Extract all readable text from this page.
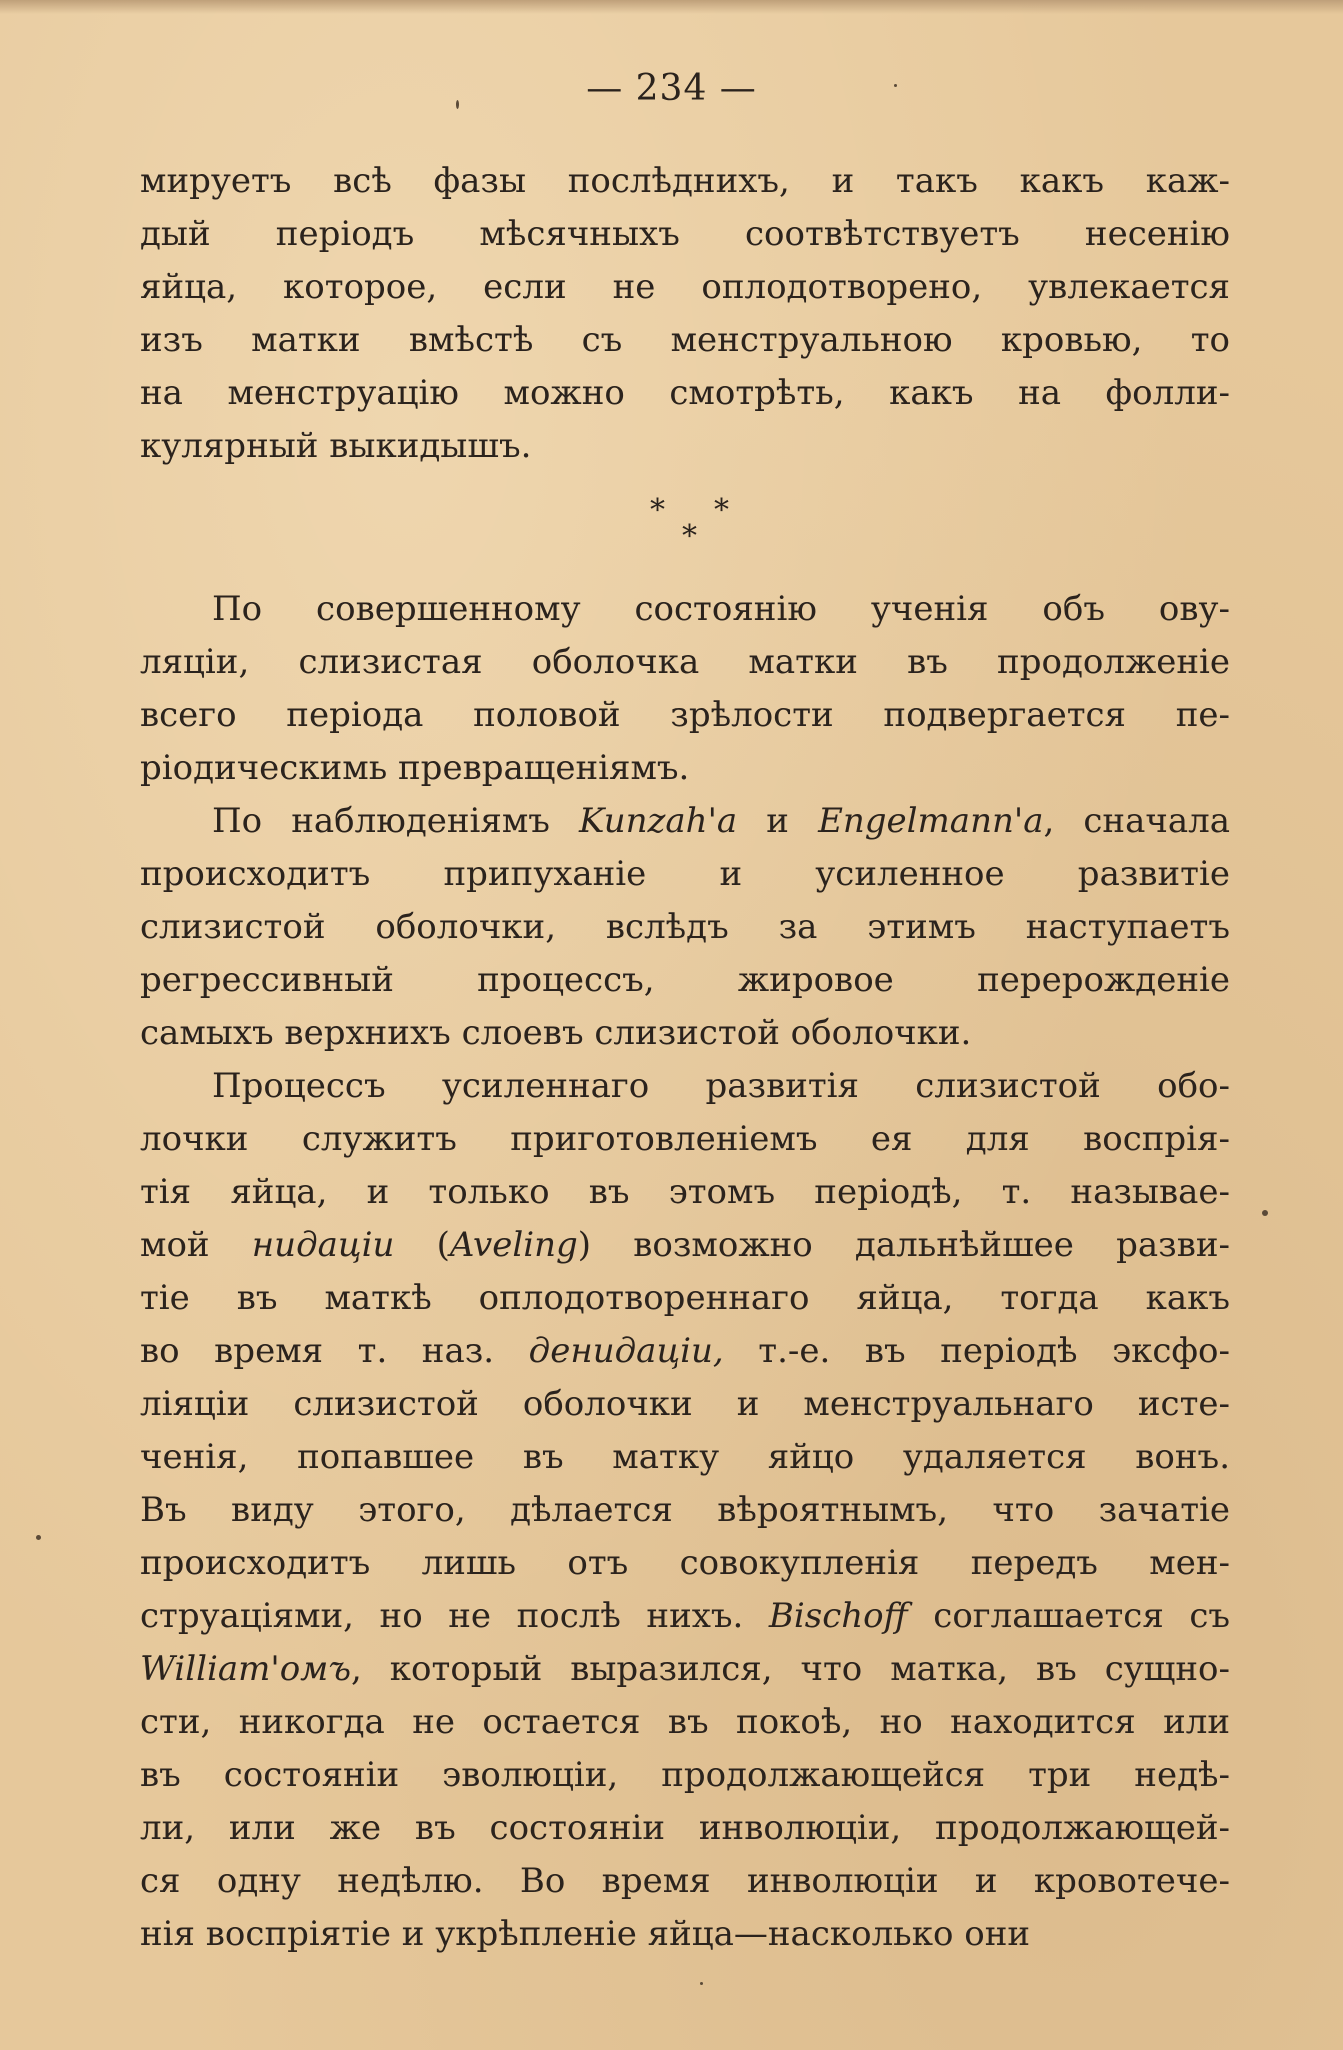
— 234 —
мируетъ всѣ фазы послѣднихъ, и такъ какъ каж-
дый періодъ мѣсячныхъ соотвѣтствуетъ несенію
яйца, которое, если не оплодотворено, увлекается
изъ матки вмѣстѣ съ менструальною кровью, то
на менструацію можно смотрѣть, какъ на фолли-
кулярный выкидышъ.
* *
*
По совершенному состоянію ученія объ ову-
ляціи, слизистая оболочка матки въ продолженіе
всего періода половой зрѣлости подвергается пе-
ріодическимь превращеніямъ.
По наблюденіямъ Kunzah'a и Engelmann'a, сначала
происходитъ припуханіе и усиленное развитіе
слизистой оболочки, вслѣдъ за этимъ наступаетъ
регрессивный процессъ, жировое перерожденіе
самыхъ верхнихъ слоевъ слизистой оболочки.
Процессъ усиленнаго развитія слизистой обо-
лочки служитъ приготовленіемъ ея для воспрія-
тія яйца, и только въ этомъ періодѣ, т. называе-
мой нидаціи (Aveling) возможно дальнѣйшее разви-
тіе въ маткѣ оплодотвореннаго яйца, тогда какъ
во время т. наз. денидаціи, т.-е. въ періодѣ эксфо-
ліяціи слизистой оболочки и менструальнаго исте-
ченія, попавшее въ матку яйцо удаляется вонъ.
Въ виду этого, дѣлается вѣроятнымъ, что зачатіе
происходитъ лишь отъ совокупленія передъ мен-
струаціями, но не послѣ нихъ. Bischoff соглашается съ
William'омъ, который выразился, что матка, въ сущно-
сти, никогда не остается въ покоѣ, но находится или
въ состояніи эволюціи, продолжающейся три недѣ-
ли, или же въ состояніи инволюціи, продолжающей-
ся одну недѣлю. Во время инволюціи и кровотече-
нія воспріятіе и укрѣпленіе яйца—насколько они
